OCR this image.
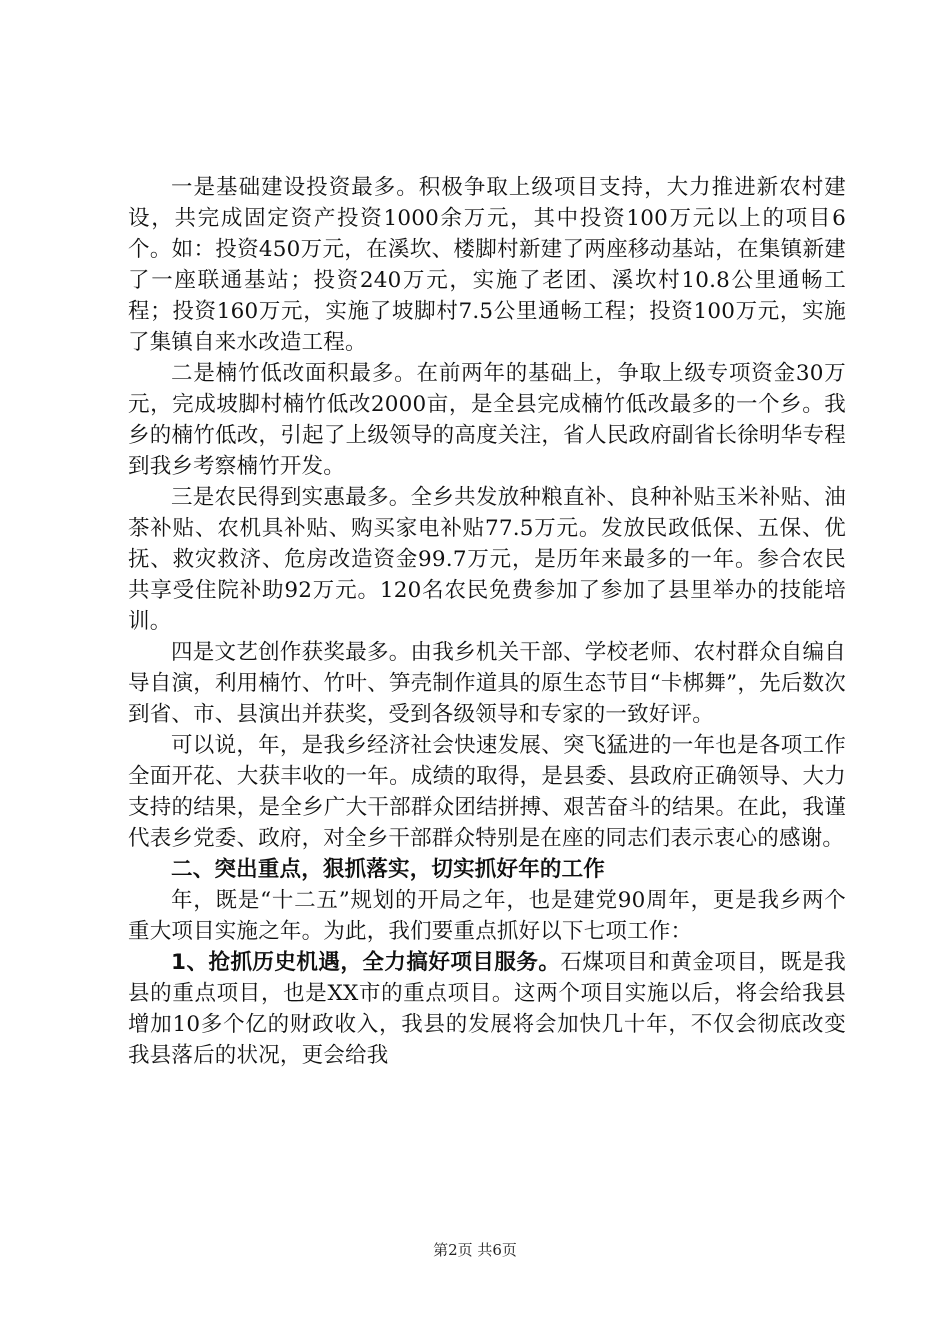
一是基础建设投资最多。积极争取上级项目支持，大力推进新农村建设，共完成固定资产投资1000余万元，其中投资100万元以上的项目6个。如：投资450万元，在溪坎、楼脚村新建了两座移动基站，在集镇新建了一座联通基站；投资240万元，实施了老团、溪坎村10.8公里通畅工程；投资160万元，实施了坡脚村7.5公里通畅工程；投资100万元，实施了集镇自来水改造工程。

二是楠竹低改面积最多。在前两年的基础上，争取上级专项资金30万元，完成坡脚村楠竹低改2000亩，是全县完成楠竹低改最多的一个乡。我乡的楠竹低改，引起了上级领导的高度关注，省人民政府副省长徐明华专程到我乡考察楠竹开发。

三是农民得到实惠最多。全乡共发放种粮直补、良种补贴玉米补贴、油茶补贴、农机具补贴、购买家电补贴77.5万元。发放民政低保、五保、优抚、救灾救济、危房改造资金99.7万元，是历年来最多的一年。参合农民共享受住院补助92万元。120名农民免费参加了参加了县里举办的技能培训。

四是文艺创作获奖最多。由我乡机关干部、学校老师、农村群众自编自导自演，利用楠竹、竹叶、笋壳制作道具的原生态节目“卡梆舞”，先后数次到省、市、县演出并获奖，受到各级领导和专家的一致好评。

可以说，年，是我乡经济社会快速发展、突飞猛进的一年也是各项工作全面开花、大获丰收的一年。成绩的取得，是县委、县政府正确领导、大力支持的结果，是全乡广大干部群众团结拼搏、艰苦奋斗的结果。在此，我谨代表乡党委、政府，对全乡干部群众特别是在座的同志们表示衷心的感谢。

二、突出重点，狠抓落实，切实抓好年的工作

年，既是“十二五”规划的开局之年，也是建党90周年，更是我乡两个重大项目实施之年。为此，我们要重点抓好以下七项工作：

1、抢抓历史机遇，全力搞好项目服务。石煤项目和黄金项目，既是我县的重点项目，也是XX市的重点项目。这两个项目实施以后，将会给我县增加10多个亿的财政收入，我县的发展将会加快几十年，不仅会彻底改变我县落后的状况，更会给我

第2页 共6页
